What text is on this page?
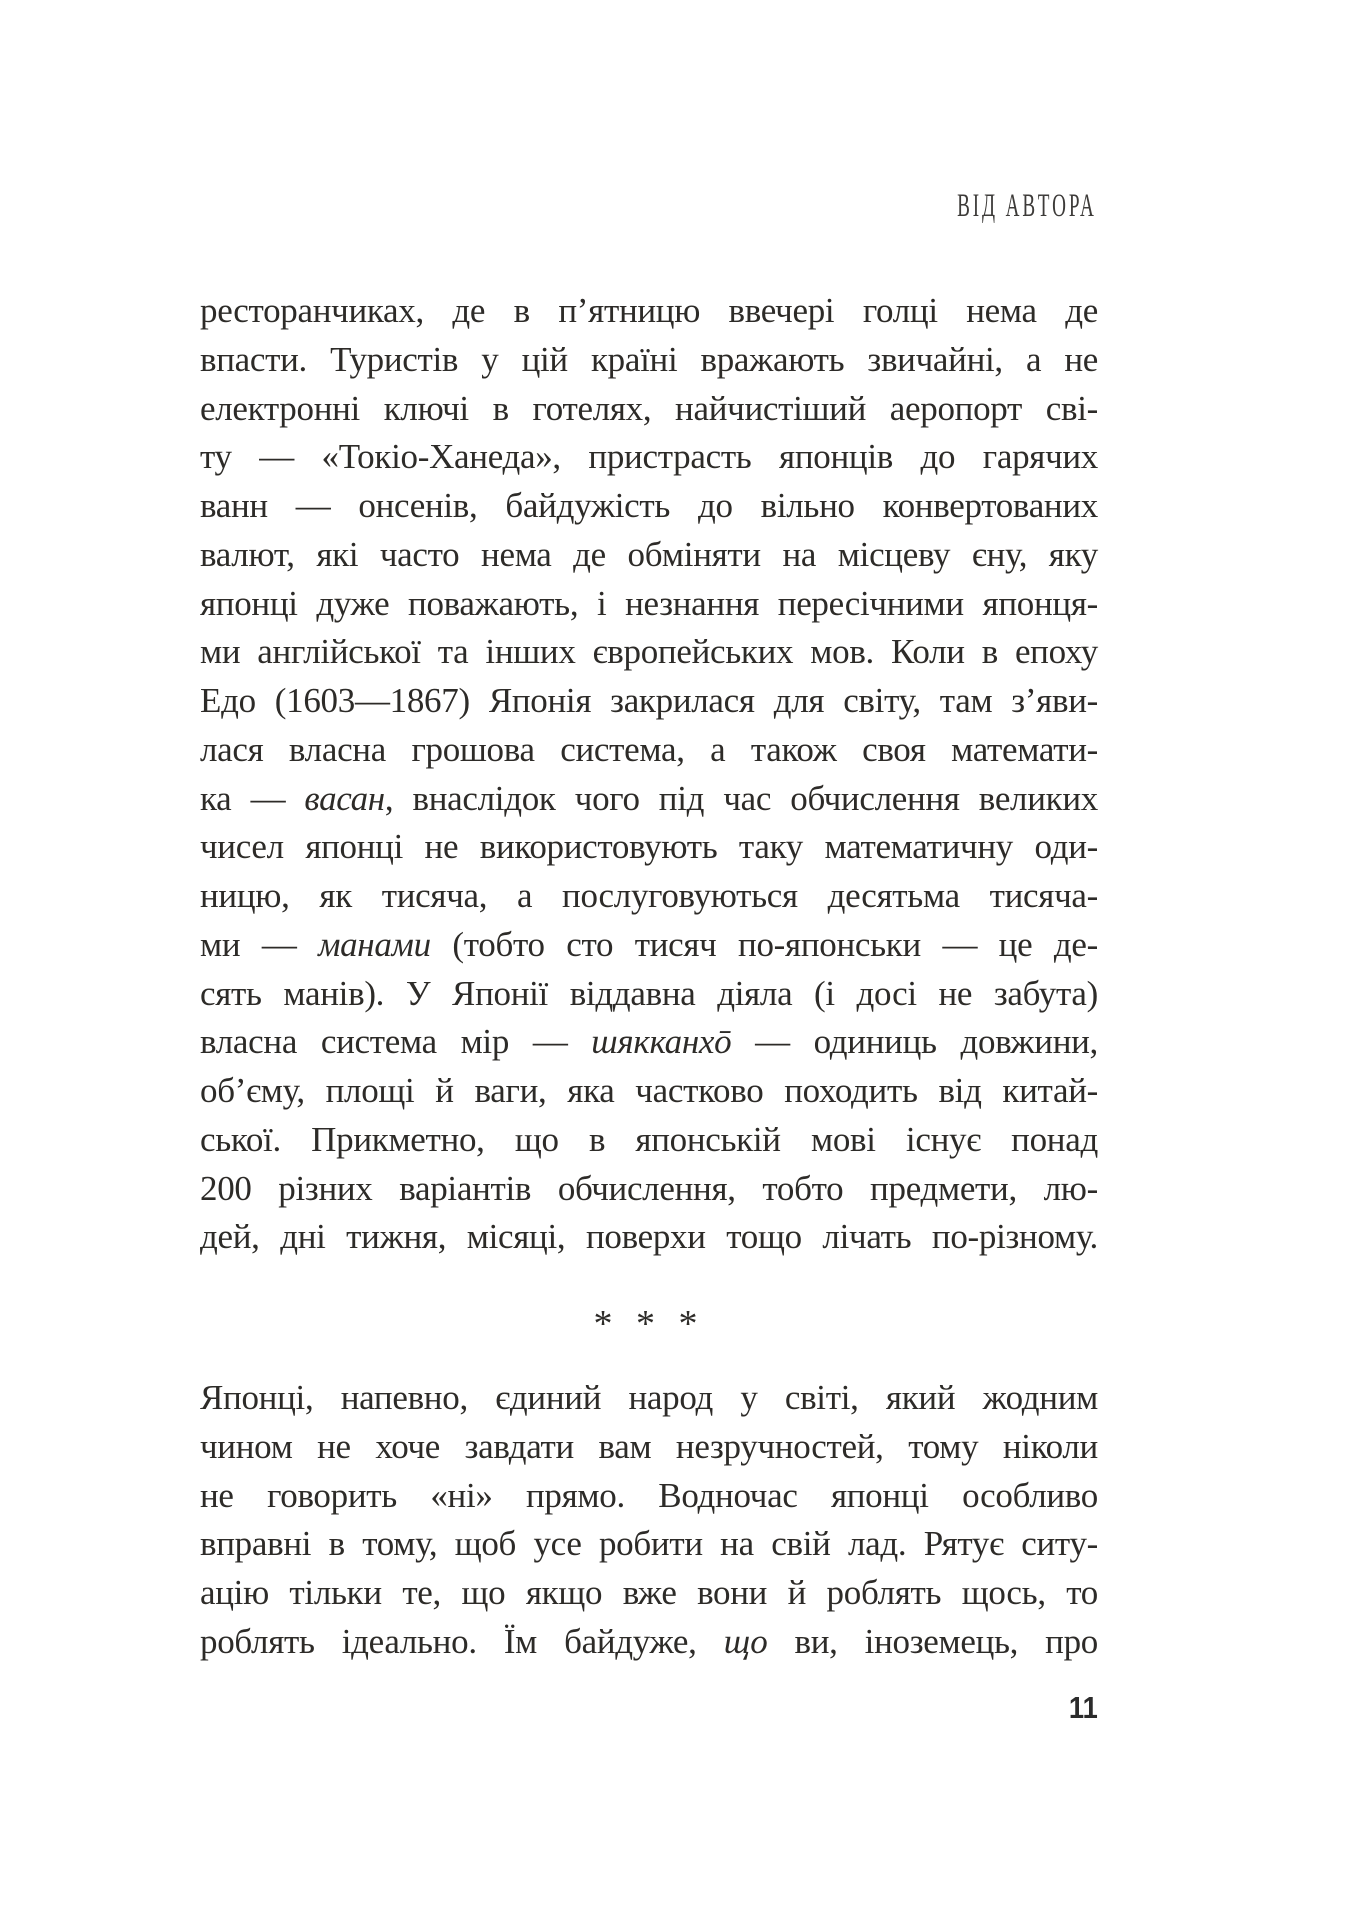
ВІД АВТОРА
ресторанчиках, де в п’ятницю ввечері голці нема де
впасти. Туристів у цій країні вражають звичайні, а не
електронні ключі в готелях, найчистіший аеропорт сві-
ту — «Токіо-Ханеда», пристрасть японців до гарячих
ванн — онсенів, байдужість до вільно конвертованих
валют, які часто нема де обміняти на місцеву єну, яку
японці дуже поважають, і незнання пересічними японця-
ми англійської та інших європейських мов. Коли в епоху
Едо (1603—1867) Японія закрилася для світу, там з’яви-
лася власна грошова система, а також своя математи-
ка — васан, внаслідок чого під час обчислення великих
чисел японці не використовують таку математичну оди-
ницю, як тисяча, а послуговуються десятьма тисяча-
ми — манами (тобто сто тисяч по-японськи — це де-
сять манів). У Японії віддавна діяла (і досі не забута)
власна система мір — шякканхō — одиниць довжини,
об’єму, площі й ваги, яка частково походить від китай-
ської. Прикметно, що в японській мові існує понад
200 різних варіантів обчислення, тобто предмети, лю-
дей, дні тижня, місяці, поверхи тощо лічать по-різному.
* * *
Японці, напевно, єдиний народ у світі, який жодним
чином не хоче завдати вам незручностей, тому ніколи
не говорить «ні» прямо. Водночас японці особливо
вправні в тому, щоб усе робити на свій лад. Рятує ситу-
ацію тільки те, що якщо вже вони й роблять щось, то
роблять ідеально. Їм байдуже, що ви, іноземець, про
11
